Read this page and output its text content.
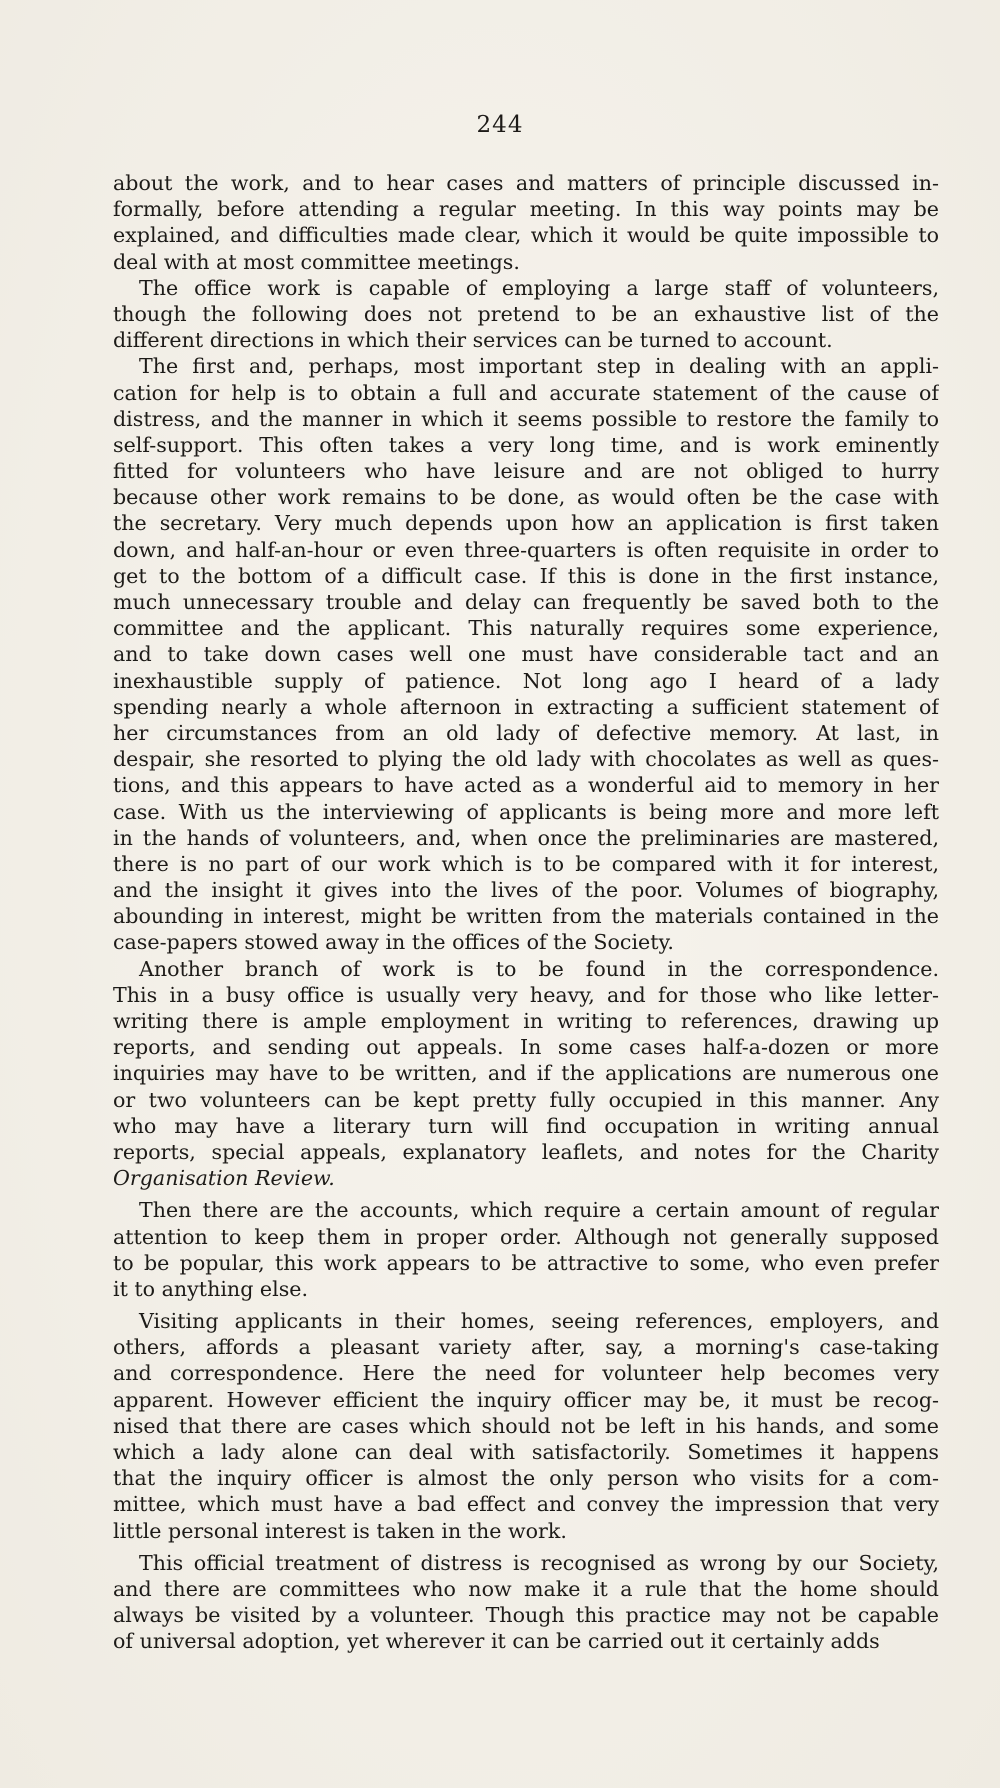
244
about the work, and to hear cases and matters of principle discussed in-
formally, before attending a regular meeting. In this way points may be
explained, and difficulties made clear, which it would be quite impossible to
deal with at most committee meetings.
The office work is capable of employing a large staff of volunteers,
though the following does not pretend to be an exhaustive list of the
different directions in which their services can be turned to account.
The first and, perhaps, most important step in dealing with an appli-
cation for help is to obtain a full and accurate statement of the cause of
distress, and the manner in which it seems possible to restore the family to
self-support. This often takes a very long time, and is work eminently
fitted for volunteers who have leisure and are not obliged to hurry
because other work remains to be done, as would often be the case with
the secretary. Very much depends upon how an application is first taken
down, and half-an-hour or even three-quarters is often requisite in order to
get to the bottom of a difficult case. If this is done in the first instance,
much unnecessary trouble and delay can frequently be saved both to the
committee and the applicant. This naturally requires some experience,
and to take down cases well one must have considerable tact and an
inexhaustible supply of patience. Not long ago I heard of a lady
spending nearly a whole afternoon in extracting a sufficient statement of
her circumstances from an old lady of defective memory. At last, in
despair, she resorted to plying the old lady with chocolates as well as ques-
tions, and this appears to have acted as a wonderful aid to memory in her
case. With us the interviewing of applicants is being more and more left
in the hands of volunteers, and, when once the preliminaries are mastered,
there is no part of our work which is to be compared with it for interest,
and the insight it gives into the lives of the poor. Volumes of biography,
abounding in interest, might be written from the materials contained in the
case-papers stowed away in the offices of the Society.
Another branch of work is to be found in the correspondence.
This in a busy office is usually very heavy, and for those who like letter-
writing there is ample employment in writing to references, drawing up
reports, and sending out appeals. In some cases half-a-dozen or more
inquiries may have to be written, and if the applications are numerous one
or two volunteers can be kept pretty fully occupied in this manner. Any
who may have a literary turn will find occupation in writing annual
reports, special appeals, explanatory leaflets, and notes for the Charity
Organisation Review.
Then there are the accounts, which require a certain amount of regular
attention to keep them in proper order. Although not generally supposed
to be popular, this work appears to be attractive to some, who even prefer
it to anything else.
Visiting applicants in their homes, seeing references, employers, and
others, affords a pleasant variety after, say, a morning's case-taking
and correspondence. Here the need for volunteer help becomes very
apparent. However efficient the inquiry officer may be, it must be recog-
nised that there are cases which should not be left in his hands, and some
which a lady alone can deal with satisfactorily. Sometimes it happens
that the inquiry officer is almost the only person who visits for a com-
mittee, which must have a bad effect and convey the impression that very
little personal interest is taken in the work.
This official treatment of distress is recognised as wrong by our Society,
and there are committees who now make it a rule that the home should
always be visited by a volunteer. Though this practice may not be capable
of universal adoption, yet wherever it can be carried out it certainly adds
